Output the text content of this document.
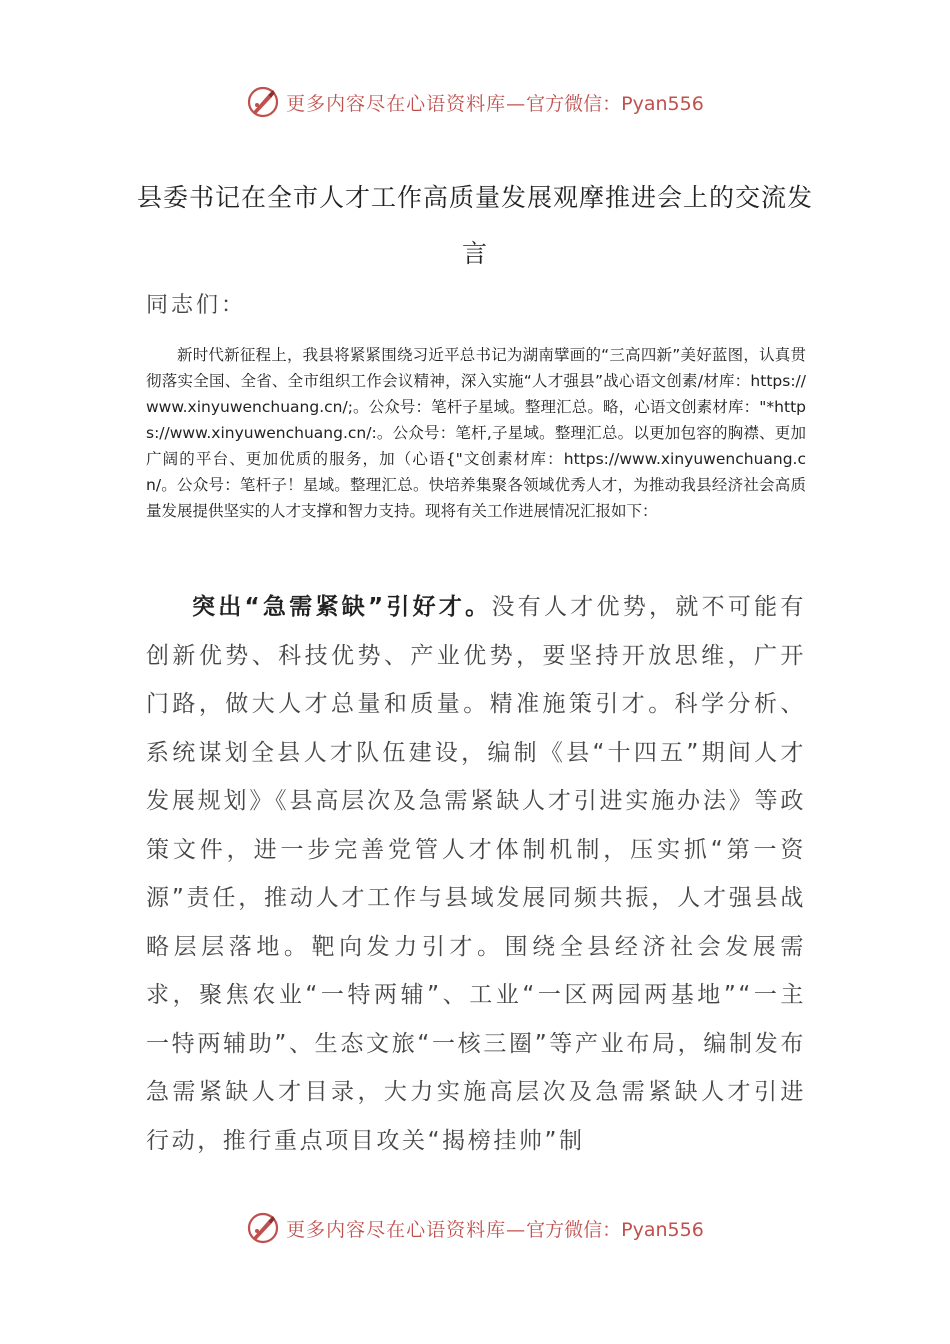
更多内容尽在心语资料库— 官方微信：Pyan556
县委书记在全市人才工作高质量发展观摩推进会上的交流发言
同志们：

新时代新征程上，我县将紧紧围绕习近平总书记为湖南擘画的“三高四新”美好蓝图，认真贯彻落实全国、全省、全市组织工作会议精神，深入实施“人才强县”战心语文创素/材库：https://www.xinyuwenchuang.cn/;。公众号：笔杆子星域。整理汇总。略，心语文创素材库："*https://www.xinyuwenchuang.cn/:。公众号：笔杆,子星域。整理汇总。以更加包容的胸襟、更加广阔的平台、更加优质的服务，加（心语{"文创素材库：https://www.xinyuwenchuang.cn/。公众号：笔杆子！星域。整理汇总。快培养集聚各领域优秀人才，为推动我县经济社会高质量发展提供坚实的人才支撑和智力支持。现将有关工作进展情况汇报如下：

突出“急需紧缺”引好才。没有人才优势，就不可能有创新优势、科技优势、产业优势，要坚持开放思维，广开门路，做大人才总量和质量。精准施策引才。科学分析、系统谋划全县人才队伍建设，编制《县“十四五”期间人才发展规划》《县高层次及急需紧缺人才引进实施办法》等政策文件，进一步完善党管人才体制机制，压实抓“第一资源”责任，推动人才工作与县域发展同频共振，人才强县战略层层落地。靶向发力引才。围绕全县经济社会发展需求，聚焦农业“一特两辅”、工业“一区两园两基地”“一主一特两辅助”、生态文旅“一核三圈”等产业布局，编制发布急需紧缺人才目录，大力实施高层次及急需紧缺人才引进行动，推行重点项目攻关“揭榜挂帅”制

更多内容尽在心语资料库— 官方微信：Pyan556
